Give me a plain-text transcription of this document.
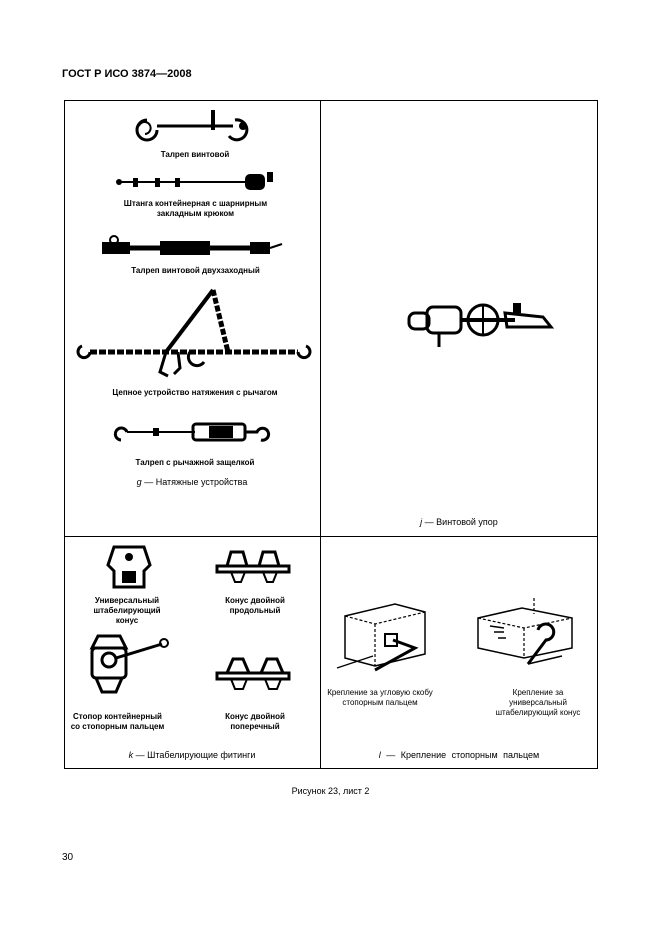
ГОСТ Р ИСО 3874—2008
Талреп винтовой
Штанга контейнерная с шарнирным закладным крюком
Талреп винтовой двухзаходный
Цепное устройство натяжения с рычагом
Талреп с рычажной защелкой
g — Натяжные устройства
j — Винтовой упор
Универсальный штабелирующий конус
Конус двойной продольный
Стопор контейнерный со стопорным пальцем
Конус двойной поперечный
k — Штабелирующие фитинги
Крепление за угловую скобу стопорным пальцем
Крепление за универсальный штабелирующий конус
l — Крепление стопорным пальцем
Рисунок 23, лист 2
30
